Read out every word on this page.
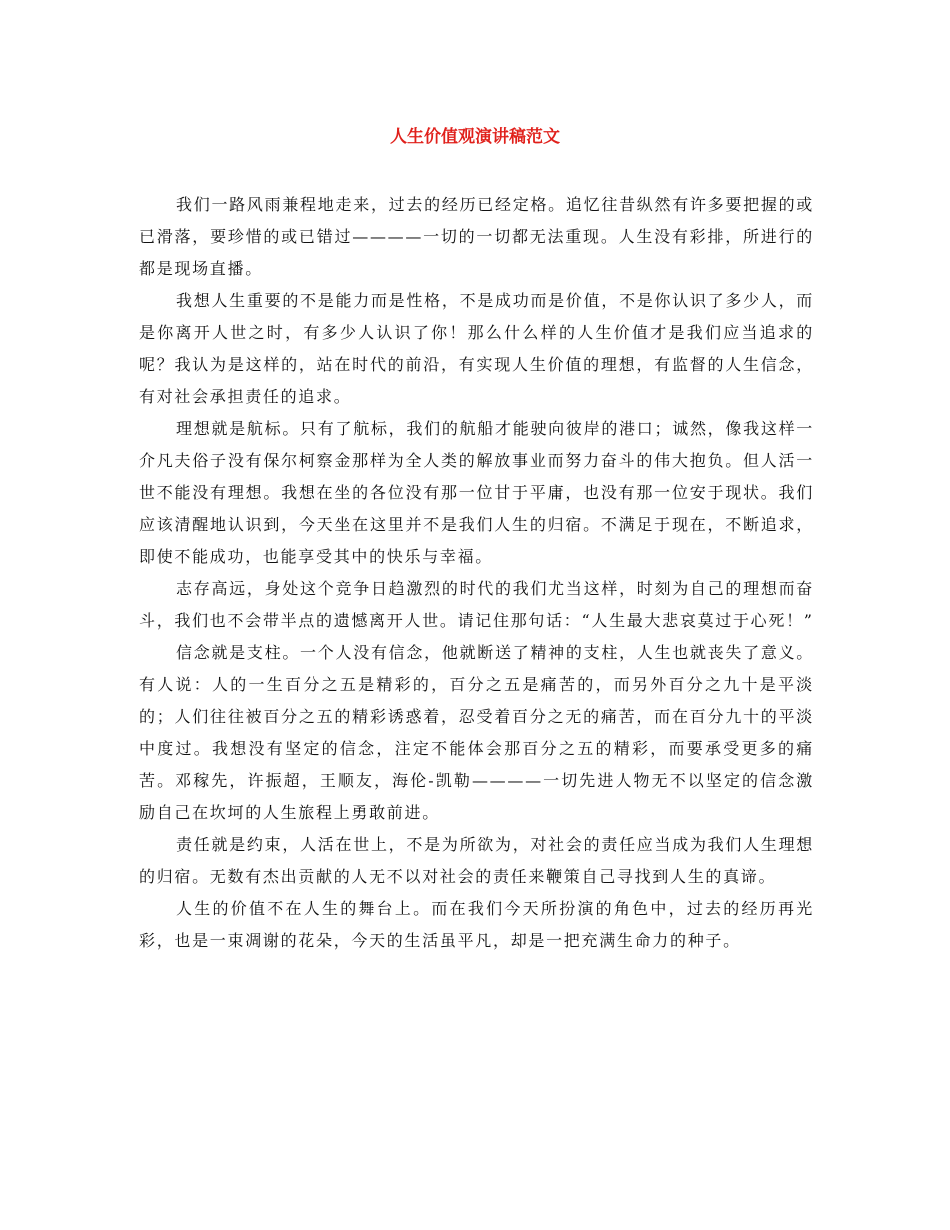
人生价值观演讲稿范文

我们一路风雨兼程地走来，过去的经历已经定格。追忆往昔纵然有许多要把握的或已滑落，要珍惜的或已错过————一切的一切都无法重现。人生没有彩排，所进行的都是现场直播。

我想人生重要的不是能力而是性格，不是成功而是价值，不是你认识了多少人，而是你离开人世之时，有多少人认识了你！那么什么样的人生价值才是我们应当追求的呢？我认为是这样的，站在时代的前沿，有实现人生价值的理想，有监督的人生信念，有对社会承担责任的追求。

理想就是航标。只有了航标，我们的航船才能驶向彼岸的港口；诚然，像我这样一介凡夫俗子没有保尔柯察金那样为全人类的解放事业而努力奋斗的伟大抱负。但人活一世不能没有理想。我想在坐的各位没有那一位甘于平庸，也没有那一位安于现状。我们应该清醒地认识到，今天坐在这里并不是我们人生的归宿。不满足于现在，不断追求，即使不能成功，也能享受其中的快乐与幸福。

志存高远，身处这个竞争日趋激烈的时代的我们尤当这样，时刻为自己的理想而奋斗，我们也不会带半点的遗憾离开人世。请记住那句话：“人生最大悲哀莫过于心死！”

信念就是支柱。一个人没有信念，他就断送了精神的支柱，人生也就丧失了意义。有人说：人的一生百分之五是精彩的，百分之五是痛苦的，而另外百分之九十是平淡的；人们往往被百分之五的精彩诱惑着，忍受着百分之无的痛苦，而在百分九十的平淡中度过。我想没有坚定的信念，注定不能体会那百分之五的精彩，而要承受更多的痛苦。邓稼先，许振超，王顺友，海伦-凯勒————一切先进人物无不以坚定的信念激励自己在坎坷的人生旅程上勇敢前进。

责任就是约束，人活在世上，不是为所欲为，对社会的责任应当成为我们人生理想的归宿。无数有杰出贡献的人无不以对社会的责任来鞭策自己寻找到人生的真谛。

人生的价值不在人生的舞台上。而在我们今天所扮演的角色中，过去的经历再光彩，也是一束凋谢的花朵，今天的生活虽平凡，却是一把充满生命力的种子。
